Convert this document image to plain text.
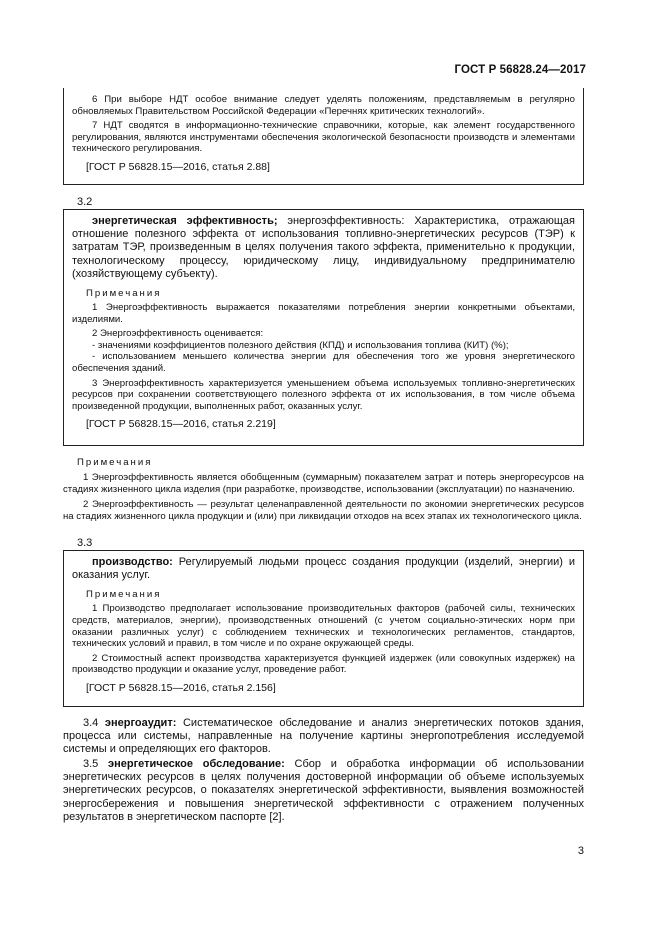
ГОСТ Р 56828.24—2017

6 При выборе НДТ особое внимание следует уделять положениям, представляемым в регулярно обновляемых Правительством Российской Федерации «Перечнях критических технологий».

7 НДТ сводятся в информационно-технические справочники, которые, как элемент государственного регулирования, являются инструментами обеспечения экологической безопасности производств и элементами технического регулирования.

[ГОСТ Р 56828.15—2016, статья 2.88]

3.2

энергетическая эффективность; энергоэффективность: Характеристика, отражающая отношение полезного эффекта от использования топливно-энергетических ресурсов (ТЭР) к затратам ТЭР, произведенным в целях получения такого эффекта, применительно к продукции, технологическому процессу, юридическому лицу, индивидуальному предпринимателю (хозяйствующему субъекту).

Примечания

1 Энергоэффективность выражается показателями потребления энергии конкретными объектами, изделиями.

2 Энергоэффективность оценивается:

- значениями коэффициентов полезного действия (КПД) и использования топлива (КИТ) (%);

- использованием меньшего количества энергии для обеспечения того же уровня энергетического обеспечения зданий.

3 Энергоэффективность характеризуется уменьшением объема используемых топливно-энергетических ресурсов при сохранении соответствующего полезного эффекта от их использования, в том числе объема произведенной продукции, выполненных работ, оказанных услуг.

[ГОСТ Р 56828.15—2016, статья 2.219]

Примечания

1 Энергоэффективность является обобщенным (суммарным) показателем затрат и потерь энергоресурсов на стадиях жизненного цикла изделия (при разработке, производстве, использовании (эксплуатации) по назначению.

2 Энергоэффективность — результат целенаправленной деятельности по экономии энергетических ресурсов на стадиях жизненного цикла продукции и (или) при ликвидации отходов на всех этапах их технологического цикла.

3.3

производство: Регулируемый людьми процесс создания продукции (изделий, энергии) и оказания услуг.

Примечания

1 Производство предполагает использование производительных факторов (рабочей силы, технических средств, материалов, энергии), производственных отношений (с учетом социально-этических норм при оказании различных услуг) с соблюдением технических и технологических регламентов, стандартов, технических условий и правил, в том числе и по охране окружающей среды.

2 Стоимостный аспект производства характеризуется функцией издержек (или совокупных издержек) на производство продукции и оказание услуг, проведение работ.

[ГОСТ Р 56828.15—2016, статья 2.156]

3.4 энергоаудит: Систематическое обследование и анализ энергетических потоков здания, процесса или системы, направленные на получение картины энергопотребления исследуемой системы и определяющих его факторов.

3.5 энергетическое обследование: Сбор и обработка информации об использовании энергетических ресурсов в целях получения достоверной информации об объеме используемых энергетических ресурсов, о показателях энергетической эффективности, выявления возможностей энергосбережения и повышения энергетической эффективности с отражением полученных результатов в энергетическом паспорте [2].

3
